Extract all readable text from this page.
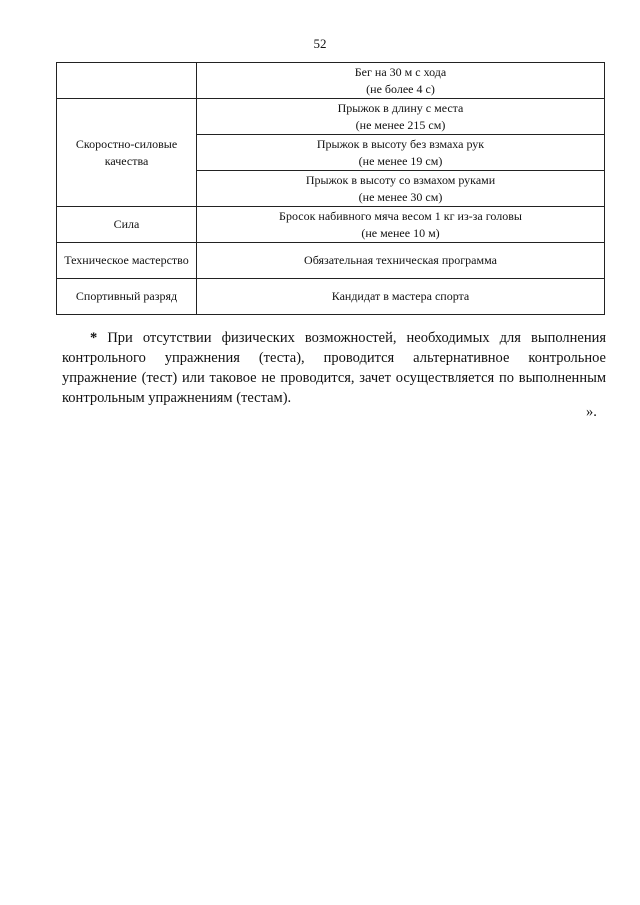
52

	Бег на 30 м с хода
(не более 4 с)

Скоростно-силовые качества	Прыжок в длину с места
(не менее 215 см)

	Прыжок в высоту без взмаха рук
(не менее 19 см)

	Прыжок в высоту со взмахом руками
(не менее 30 см)

Сила	Бросок набивного мяча весом 1 кг из-за головы
(не менее 10 м)

Техническое мастерство	Обязательная техническая программа

Спортивный разряд	Кандидат в мастера спорта

* При отсутствии физических возможностей, необходимых для выполнения контрольного упражнения (теста), проводится альтернативное контрольное упражнение (тест) или таковое не проводится, зачет осуществляется по выполненным контрольным упражнениям (тестам).

».
